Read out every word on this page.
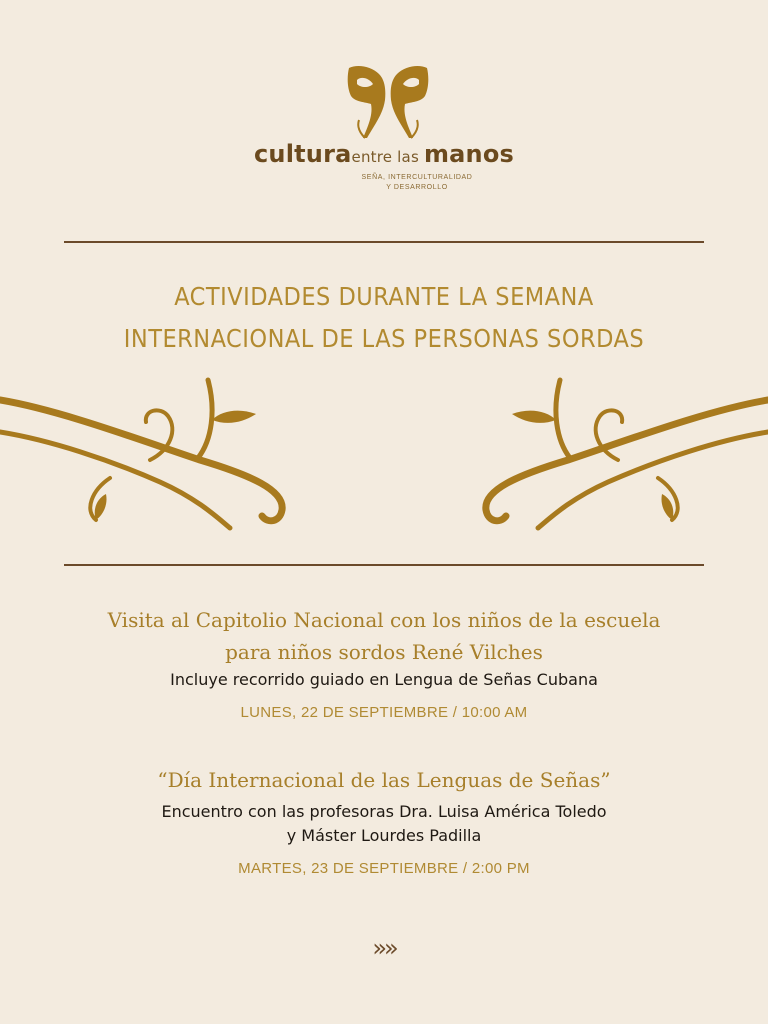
culturaentre las manos
SEÑA, INTERCULTURALIDAD
Y DESARROLLO
ACTIVIDADES DURANTE LA SEMANA
INTERNACIONAL DE LAS PERSONAS SORDAS
Visita al Capitolio Nacional con los niños de la escuela
para niños sordos René Vilches
Incluye recorrido guiado en Lengua de Señas Cubana
LUNES, 22 DE SEPTIEMBRE / 10:00 AM
“Día Internacional de las Lenguas de Señas”
Encuentro con las profesoras Dra. Luisa América Toledo
y Máster Lourdes Padilla
MARTES, 23 DE SEPTIEMBRE / 2:00 PM
»»
